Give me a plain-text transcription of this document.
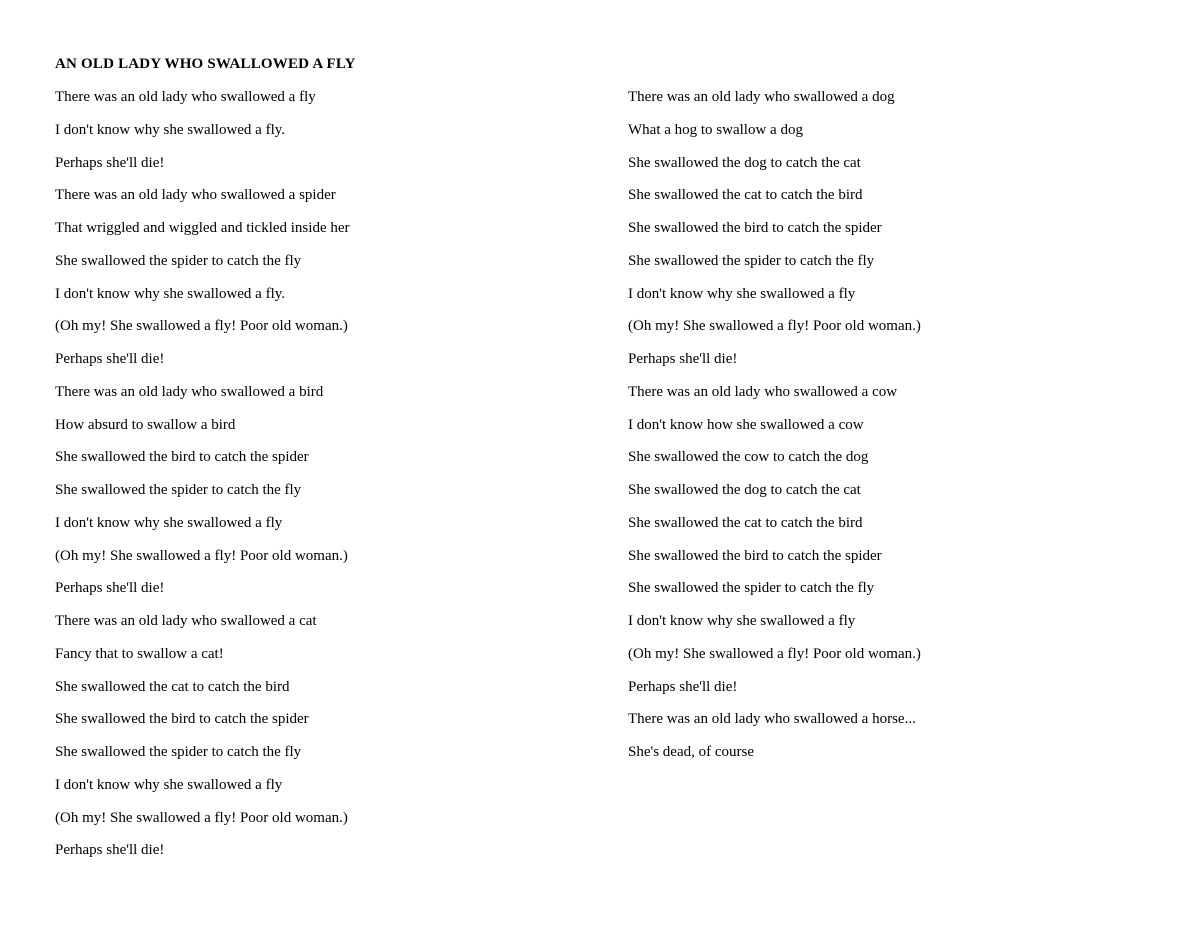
AN OLD LADY WHO SWALLOWED A FLY
There was an old lady who swallowed a fly
I don't know why she swallowed a fly.
Perhaps she'll die!
There was an old lady who swallowed a spider
That wriggled and wiggled and tickled inside her
She swallowed the spider to catch the fly
I don't know why she swallowed a fly.
(Oh my! She swallowed a fly! Poor old woman.)
Perhaps she'll die!
There was an old lady who swallowed a bird
How absurd to swallow a bird
She swallowed the bird to catch the spider
She swallowed the spider to catch the fly
I don't know why she swallowed a fly
(Oh my! She swallowed a fly! Poor old woman.)
Perhaps she'll die!
There was an old lady who swallowed a cat
Fancy that to swallow a cat!
She swallowed the cat to catch the bird
She swallowed the bird to catch the spider
She swallowed the spider to catch the fly
I don't know why she swallowed a fly
(Oh my! She swallowed a fly! Poor old woman.)
Perhaps she'll die!
There was an old lady who swallowed a dog
What a hog to swallow a dog
She swallowed the dog to catch the cat
She swallowed the cat to catch the bird
She swallowed the bird to catch the spider
She swallowed the spider to catch the fly
I don't know why she swallowed a fly
(Oh my! She swallowed a fly! Poor old woman.)
Perhaps she'll die!
There was an old lady who swallowed a cow
I don't know how she swallowed a cow
She swallowed the cow to catch the dog
She swallowed the dog to catch the cat
She swallowed the cat to catch the bird
She swallowed the bird to catch the spider
She swallowed the spider to catch the fly
I don't know why she swallowed a fly
(Oh my! She swallowed a fly! Poor old woman.)
Perhaps she'll die!
There was an old lady who swallowed a horse...
She's dead, of course
